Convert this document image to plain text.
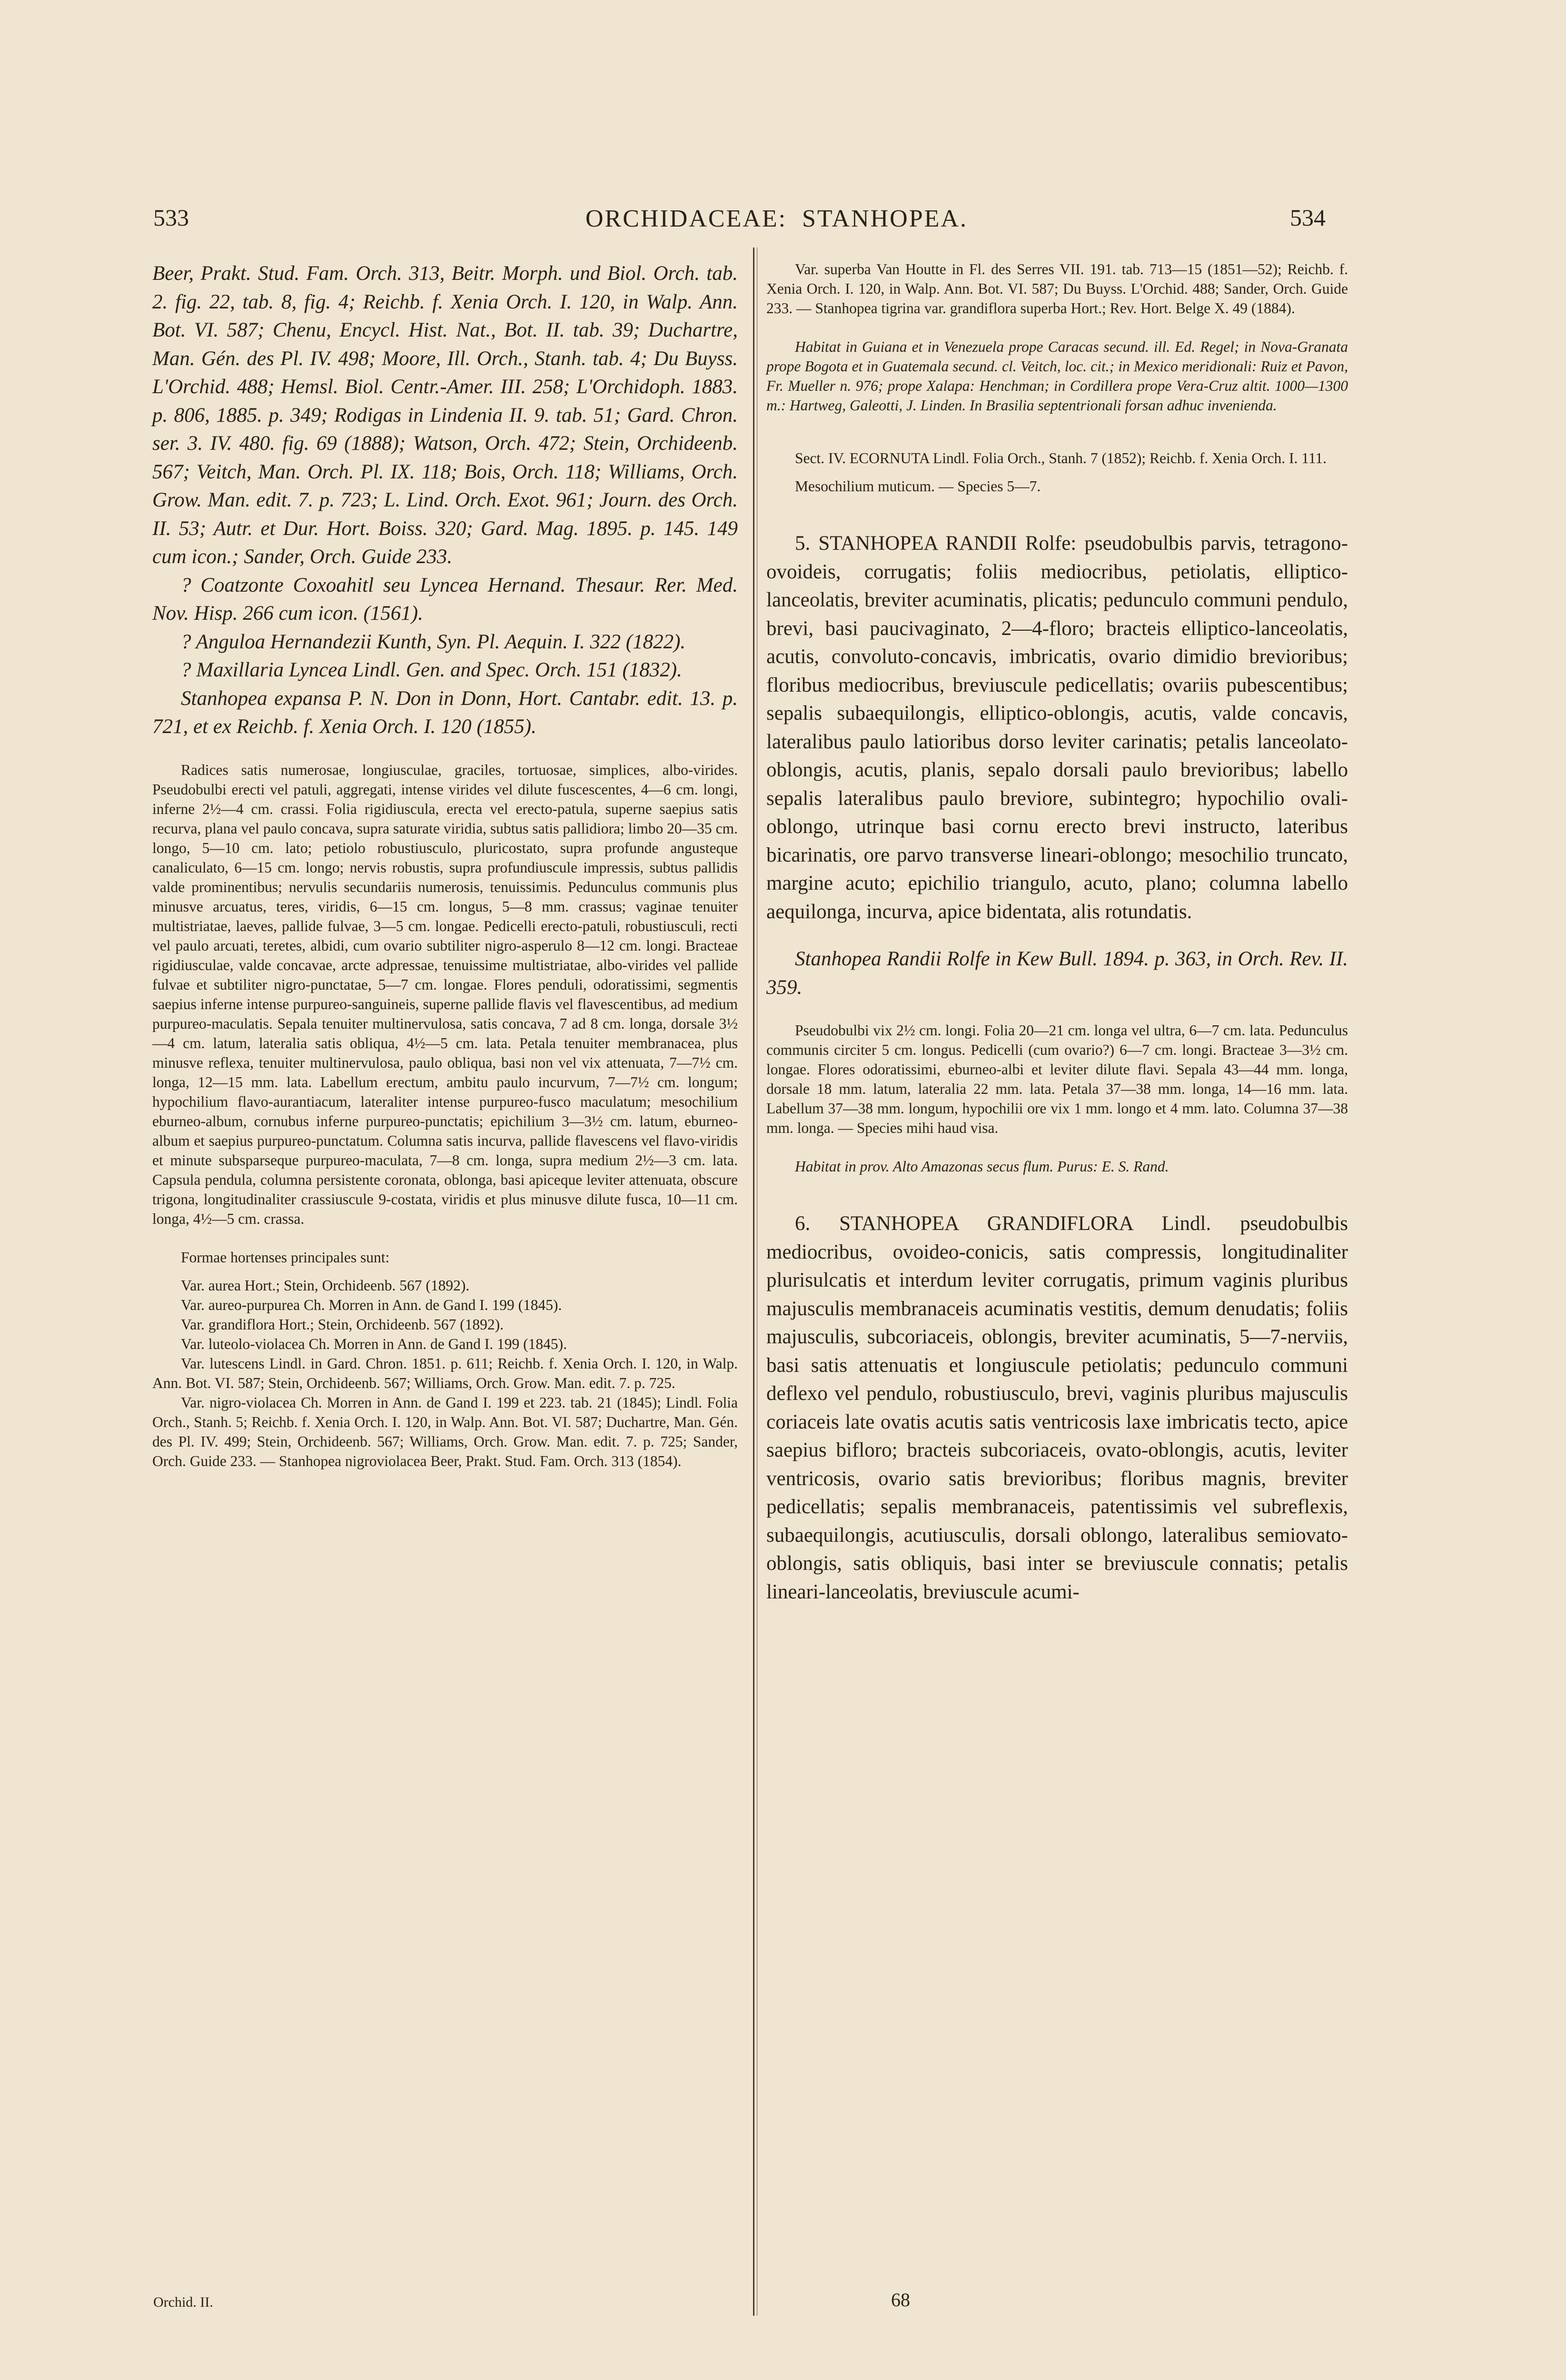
533	ORCHIDACEAE: STANHOPEA.	534

Beer, Prakt. Stud. Fam. Orch. 313, Beitr. Morph. und Biol. Orch. tab. 2. fig. 22, tab. 8, fig. 4; Reichb. f. Xenia Orch. I. 120, in Walp. Ann. Bot. VI. 587; Chenu, Encycl. Hist. Nat., Bot. II. tab. 39; Duchartre, Man. Gén. des Pl. IV. 498; Moore, Ill. Orch., Stanh. tab. 4; Du Buyss. L'Orchid. 488; Hemsl. Biol. Centr.-Amer. III. 258; L'Orchidoph. 1883. p. 806, 1885. p. 349; Rodigas in Lindenia II. 9. tab. 51; Gard. Chron. ser. 3. IV. 480. fig. 69 (1888); Watson, Orch. 472; Stein, Orchideenb. 567; Veitch, Man. Orch. Pl. IX. 118; Bois, Orch. 118; Williams, Orch. Grow. Man. edit. 7. p. 723; L. Lind. Orch. Exot. 961; Journ. des Orch. II. 53; Autr. et Dur. Hort. Boiss. 320; Gard. Mag. 1895. p. 145. 149 cum icon.; Sander, Orch. Guide 233.

? Coatzonte Coxoahitl seu Lyncea Hernand. Thesaur. Rer. Med. Nov. Hisp. 266 cum icon. (1561).

? Anguloa Hernandezii Kunth, Syn. Pl. Aequin. I. 322 (1822).

? Maxillaria Lyncea Lindl. Gen. and Spec. Orch. 151 (1832).

Stanhopea expansa P. N. Don in Donn, Hort. Cantabr. edit. 13. p. 721, et ex Reichb. f. Xenia Orch. I. 120 (1855).

Radices satis numerosae, longiusculae, graciles, tortuosae, simplices, albo-virides. Pseudobulbi erecti vel patuli, aggregati, intense virides vel dilute fuscescentes, 4—6 cm. longi, inferne 2½—4 cm. crassi. Folia rigidiuscula, erecta vel erecto-patula, superne saepius satis recurva, plana vel paulo concava, supra saturate viridia, subtus satis pallidiora; limbo 20—35 cm. longo, 5—10 cm. lato; petiolo robustiusculo, pluricostato, supra profunde angusteque canaliculato, 6—15 cm. longo; nervis robustis, supra profundiuscule impressis, subtus pallidis valde prominentibus; nervulis secundariis numerosis, tenuissimis. Pedunculus communis plus minusve arcuatus, teres, viridis, 6—15 cm. longus, 5—8 mm. crassus; vaginae tenuiter multistriatae, laeves, pallide fulvae, 3—5 cm. longae. Pedicelli erecto-patuli, robustiusculi, recti vel paulo arcuati, teretes, albidi, cum ovario subtiliter nigro-asperulo 8—12 cm. longi. Bracteae rigidiusculae, valde concavae, arcte adpressae, tenuissime multistriatae, albo-virides vel pallide fulvae et subtiliter nigro-punctatae, 5—7 cm. longae. Flores penduli, odoratissimi, segmentis saepius inferne intense purpureo-sanguineis, superne pallide flavis vel flavescentibus, ad medium purpureo-maculatis. Sepala tenuiter multinervulosa, satis concava, 7 ad 8 cm. longa, dorsale 3½—4 cm. latum, lateralia satis obliqua, 4½—5 cm. lata. Petala tenuiter membranacea, plus minusve reflexa, tenuiter multinervulosa, paulo obliqua, basi non vel vix attenuata, 7—7½ cm. longa, 12—15 mm. lata. Labellum erectum, ambitu paulo incurvum, 7—7½ cm. longum; hypochilium flavo-aurantiacum, lateraliter intense purpureo-fusco maculatum; mesochilium eburneo-album, cornubus inferne purpureo-punctatis; epichilium 3—3½ cm. latum, eburneo-album et saepius purpureo-punctatum. Columna satis incurva, pallide flavescens vel flavo-viridis et minute subsparseque purpureo-maculata, 7—8 cm. longa, supra medium 2½—3 cm. lata. Capsula pendula, columna persistente coronata, oblonga, basi apiceque leviter attenuata, obscure trigona, longitudinaliter crassiuscule 9-costata, viridis et plus minusve dilute fusca, 10—11 cm. longa, 4½—5 cm. crassa.

Formae hortenses principales sunt:

Var. aurea Hort.; Stein, Orchideenb. 567 (1892).

Var. aureo-purpurea Ch. Morren in Ann. de Gand I. 199 (1845).

Var. grandiflora Hort.; Stein, Orchideenb. 567 (1892).

Var. luteolo-violacea Ch. Morren in Ann. de Gand I. 199 (1845).

Var. lutescens Lindl. in Gard. Chron. 1851. p. 611; Reichb. f. Xenia Orch. I. 120, in Walp. Ann. Bot. VI. 587; Stein, Orchideenb. 567; Williams, Orch. Grow. Man. edit. 7. p. 725.

Var. nigro-violacea Ch. Morren in Ann. de Gand I. 199 et 223. tab. 21 (1845); Lindl. Folia Orch., Stanh. 5; Reichb. f. Xenia Orch. I. 120, in Walp. Ann. Bot. VI. 587; Duchartre, Man. Gén. des Pl. IV. 499; Stein, Orchideenb. 567; Williams, Orch. Grow. Man. edit. 7. p. 725; Sander, Orch. Guide 233. — Stanhopea nigroviolacea Beer, Prakt. Stud. Fam. Orch. 313 (1854).

Var. superba Van Houtte in Fl. des Serres VII. 191. tab. 713—15 (1851—52); Reichb. f. Xenia Orch. I. 120, in Walp. Ann. Bot. VI. 587; Du Buyss. L'Orchid. 488; Sander, Orch. Guide 233. — Stanhopea tigrina var. grandiflora superba Hort.; Rev. Hort. Belge X. 49 (1884).

Habitat in Guiana et in Venezuela prope Caracas secund. ill. Ed. Regel; in Nova-Granata prope Bogota et in Guatemala secund. cl. Veitch, loc. cit.; in Mexico meridionali: Ruiz et Pavon, Fr. Mueller n. 976; prope Xalapa: Henchman; in Cordillera prope Vera-Cruz altit. 1000—1300 m.: Hartweg, Galeotti, J. Linden. In Brasilia septentrionali forsan adhuc invenienda.

Sect. IV. ECORNUTA Lindl. Folia Orch., Stanh. 7 (1852); Reichb. f. Xenia Orch. I. 111.

Mesochilium muticum. — Species 5—7.

5. STANHOPEA RANDII Rolfe: pseudobulbis parvis, tetragono-ovoideis, corrugatis; foliis mediocribus, petiolatis, elliptico-lanceolatis, breviter acuminatis, plicatis; pedunculo communi pendulo, brevi, basi paucivaginato, 2—4-floro; bracteis elliptico-lanceolatis, acutis, convoluto-concavis, imbricatis, ovario dimidio brevioribus; floribus mediocribus, breviuscule pedicellatis; ovariis pubescentibus; sepalis subaequilongis, elliptico-oblongis, acutis, valde concavis, lateralibus paulo latioribus dorso leviter carinatis; petalis lanceolato-oblongis, acutis, planis, sepalo dorsali paulo brevioribus; labello sepalis lateralibus paulo breviore, subintegro; hypochilio ovali-oblongo, utrinque basi cornu erecto brevi instructo, lateribus bicarinatis, ore parvo transverse lineari-oblongo; mesochilio truncato, margine acuto; epichilio triangulo, acuto, plano; columna labello aequilonga, incurva, apice bidentata, alis rotundatis.

Stanhopea Randii Rolfe in Kew Bull. 1894. p. 363, in Orch. Rev. II. 359.

Pseudobulbi vix 2½ cm. longi. Folia 20—21 cm. longa vel ultra, 6—7 cm. lata. Pedunculus communis circiter 5 cm. longus. Pedicelli (cum ovario?) 6—7 cm. longi. Bracteae 3—3½ cm. longae. Flores odoratissimi, eburneo-albi et leviter dilute flavi. Sepala 43—44 mm. longa, dorsale 18 mm. latum, lateralia 22 mm. lata. Petala 37—38 mm. longa, 14—16 mm. lata. Labellum 37—38 mm. longum, hypochilii ore vix 1 mm. longo et 4 mm. lato. Columna 37—38 mm. longa. — Species mihi haud visa.

Habitat in prov. Alto Amazonas secus flum. Purus: E. S. Rand.

6. STANHOPEA GRANDIFLORA Lindl. pseudobulbis mediocribus, ovoideo-conicis, satis compressis, longitudinaliter plurisulcatis et interdum leviter corrugatis, primum vaginis pluribus majusculis membranaceis acuminatis vestitis, demum denudatis; foliis majusculis, subcoriaceis, oblongis, breviter acuminatis, 5—7-nerviis, basi satis attenuatis et longiuscule petiolatis; pedunculo communi deflexo vel pendulo, robustiusculo, brevi, vaginis pluribus majusculis coriaceis late ovatis acutis satis ventricosis laxe imbricatis tecto, apice saepius bifloro; bracteis subcoriaceis, ovato-oblongis, acutis, leviter ventricosis, ovario satis brevioribus; floribus magnis, breviter pedicellatis; sepalis membranaceis, patentissimis vel subreflexis, subaequilongis, acutiusculis, dorsali oblongo, lateralibus semiovato-oblongis, satis obliquis, basi inter se breviuscule connatis; petalis lineari-lanceolatis, breviuscule acumi-

Orchid. II.	68
